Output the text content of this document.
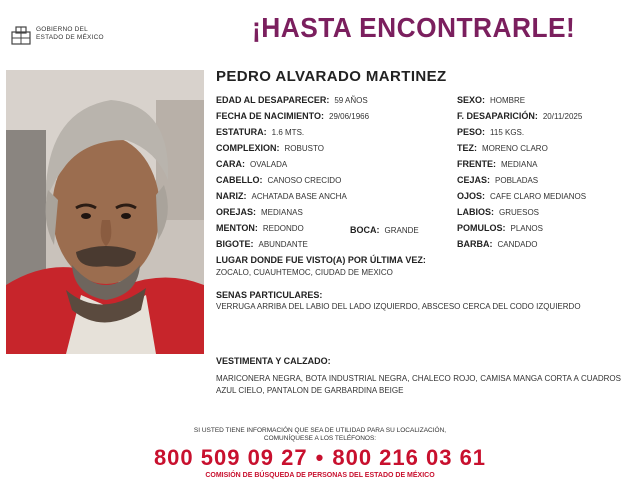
GOBIERNO DEL
ESTADO DE MÉXICO	¡HASTA ENCONTRARLE!
PEDRO ALVARADO MARTINEZ
EDAD AL DESAPARECER: 59 AÑOS
FECHA DE NACIMIENTO: 29/06/1966
ESTATURA: 1.6 MTS.
COMPLEXION: ROBUSTO
CARA: OVALADA
CABELLO: CANOSO CRECIDO
NARIZ: ACHATADA BASE ANCHA
OREJAS: MEDIANAS
MENTON: REDONDO
BIGOTE: ABUNDANTE
BOCA: GRANDE
SEXO: HOMBRE
F. DESAPARICIÓN: 20/11/2025
PESO: 115 KGS.
TEZ: MORENO CLARO
FRENTE: MEDIANA
CEJAS: POBLADAS
OJOS: CAFE CLARO MEDIANOS
LABIOS: GRUESOS
POMULOS: PLANOS
BARBA: CANDADO
LUGAR DONDE FUE VISTO(A) POR ÚLTIMA VEZ:
ZOCALO, CUAUHTEMOC, CIUDAD DE MEXICO
SENAS PARTICULARES:
VERRUGA ARRIBA DEL LABIO DEL LADO IZQUIERDO, ABSCESO CERCA DEL CODO IZQUIERDO
VESTIMENTA Y CALZADO:
MARICONERA NEGRA, BOTA INDUSTRIAL NEGRA, CHALECO ROJO, CAMISA MANGA CORTA A CUADROS AZUL CIELO, PANTALON DE GARBARDINA BEIGE
SI USTED TIENE INFORMACIÓN QUE SEA DE UTILIDAD PARA SU LOCALIZACIÓN,
COMUNÍQUESE A LOS TELÉFONOS:
800 509 09 27 • 800 216 03 61
COMISIÓN DE BÚSQUEDA DE PERSONAS DEL ESTADO DE MÉXICO
